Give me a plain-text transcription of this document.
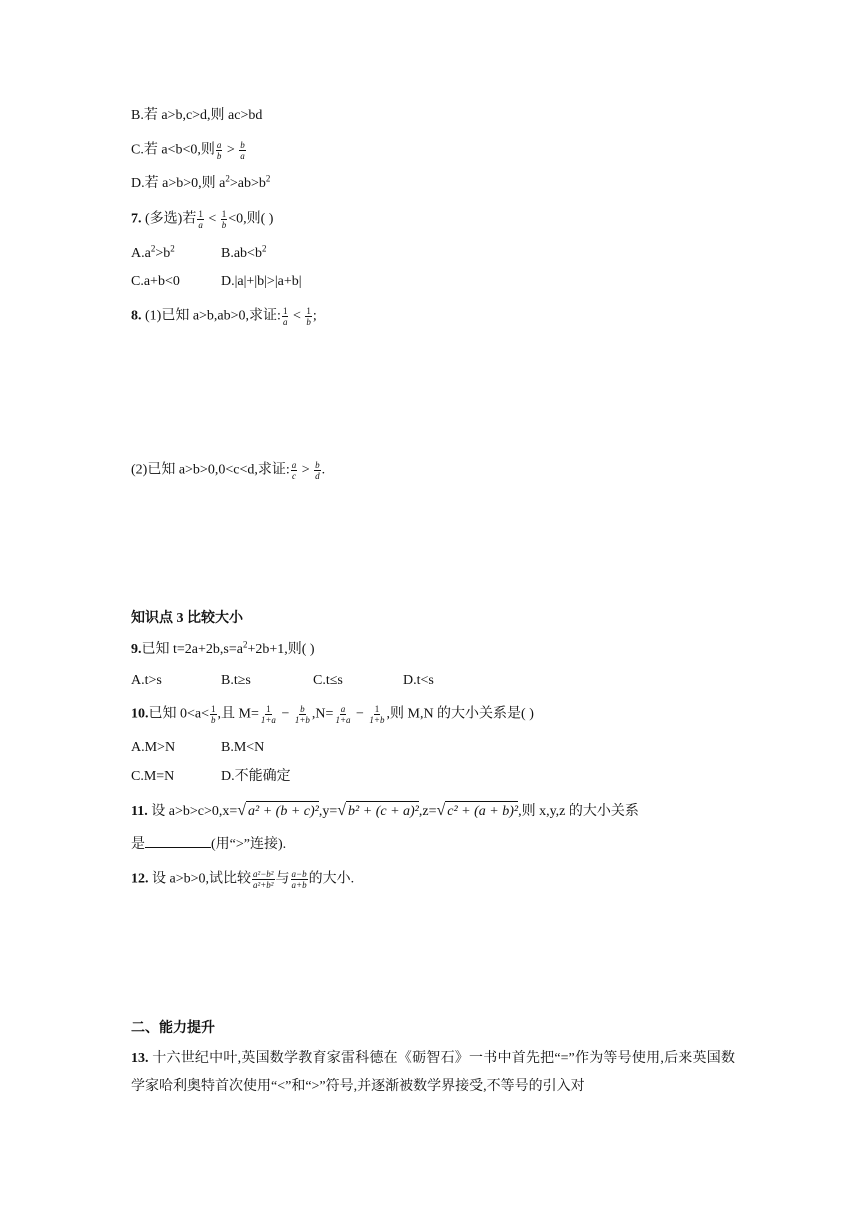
B.若 a>b,c>d,则 ac>bd
C.若 a<b<0,则 $\frac{a}{b} > \frac{b}{a}$
D.若 a>b>0,则 $a^2>ab>b^2$
7. (多选)若 $\frac{1}{a} < \frac{1}{b} <0$,则( )
$A.a^2>b^2$	$B.ab<b^2$
C.a+b<0	D.|a|+|b|>|a+b|
8. (1)已知 a>b,ab>0,求证: $\frac{1}{a} < \frac{1}{b}$ ;
(2)已知 a>b>0,0<c<d,求证: $\frac{a}{c} > \frac{b}{d}$ .
知识点 3 比较大小
9.已知 $t=2a+2b,s=a^2+2b+1$,则( )
A.t>s	B.t≥s	C.t≤s	D.t<s
10.已知 $0<a< \frac{1}{b}$ ,且 $M= \frac{1}{1+a} - \frac{b}{1+b} ,N= \frac{a}{1+a} - \frac{1}{1+b}$ ,则 M,N 的大小关系是( )
A.M>N	B.M<N
C.M=N	D.不能确定
11. 设 a>b>c>0,x=√ a² + (b + c)²,y=√ b² + (c + a)²,z=√ c² + (a + b)²,则 x,y,z 的大小关系
是	(用“>”连接).
12. 设 a>b>0,试比较 $\frac{\text{a²−b²}}{\text{a²+b²}}$ 与 $\frac{a-b}{a+b}$ 的大小.
二、能力提升
13. 十六世纪中叶,英国数学教育家雷科德在《砺智石》一书中首先把“=”作为等号使用,后来英国数学家哈利奥特首次使用“<”和“>”符号,并逐渐被数学界接受,不等号的引入对
